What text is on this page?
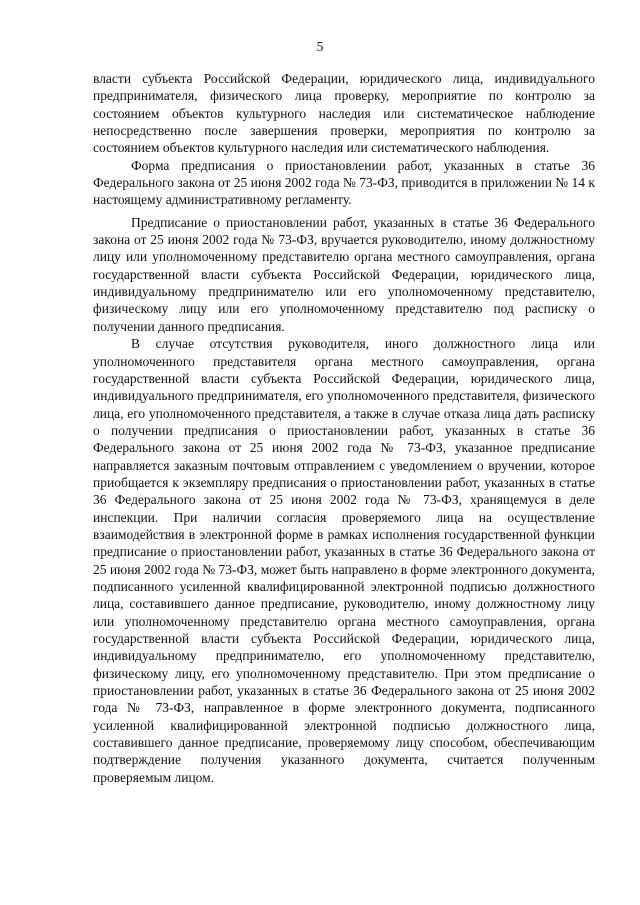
5

власти субъекта Российской Федерации, юридического лица, индивидуального предпринимателя, физического лица проверку, мероприятие по контролю за состоянием объектов культурного наследия или систематическое наблюдение непосредственно после завершения проверки, мероприятия по контролю за состоянием объектов культурного наследия или систематического наблюдения.

Форма предписания о приостановлении работ, указанных в статье 36 Федерального закона от 25 июня 2002 года № 73-ФЗ, приводится в приложении № 14 к настоящему административному регламенту.

Предписание о приостановлении работ, указанных в статье 36 Федерального закона от 25 июня 2002 года № 73-ФЗ, вручается руководителю, иному должностному лицу или уполномоченному представителю органа местного самоуправления, органа государственной власти субъекта Российской Федерации, юридического лица, индивидуальному предпринимателю или его уполномоченному представителю, физическому лицу или его уполномоченному представителю под расписку о получении данного предписания.

В случае отсутствия руководителя, иного должностного лица или уполномоченного представителя органа местного самоуправления, органа государственной власти субъекта Российской Федерации, юридического лица, индивидуального предпринимателя, его уполномоченного представителя, физического лица, его уполномоченного представителя, а также в случае отказа лица дать расписку о получении предписания о приостановлении работ, указанных в статье 36 Федерального закона от 25 июня 2002 года № 73-ФЗ, указанное предписание направляется заказным почтовым отправлением с уведомлением о вручении, которое приобщается к экземпляру предписания о приостановлении работ, указанных в статье 36 Федерального закона от 25 июня 2002 года № 73-ФЗ, хранящемуся в деле инспекции. При наличии согласия проверяемого лица на осуществление взаимодействия в электронной форме в рамках исполнения государственной функции предписание о приостановлении работ, указанных в статье 36 Федерального закона от 25 июня 2002 года № 73-ФЗ, может быть направлено в форме электронного документа, подписанного усиленной квалифицированной электронной подписью должностного лица, составившего данное предписание, руководителю, иному должностному лицу или уполномоченному представителю органа местного самоуправления, органа государственной власти субъекта Российской Федерации, юридического лица, индивидуальному предпринимателю, его уполномоченному представителю, физическому лицу, его уполномоченному представителю. При этом предписание о приостановлении работ, указанных в статье 36 Федерального закона от 25 июня 2002 года № 73-ФЗ, направленное в форме электронного документа, подписанного усиленной квалифицированной электронной подписью должностного лица, составившего данное предписание, проверяемому лицу способом, обеспечивающим подтверждение получения указанного документа, считается полученным проверяемым лицом.
